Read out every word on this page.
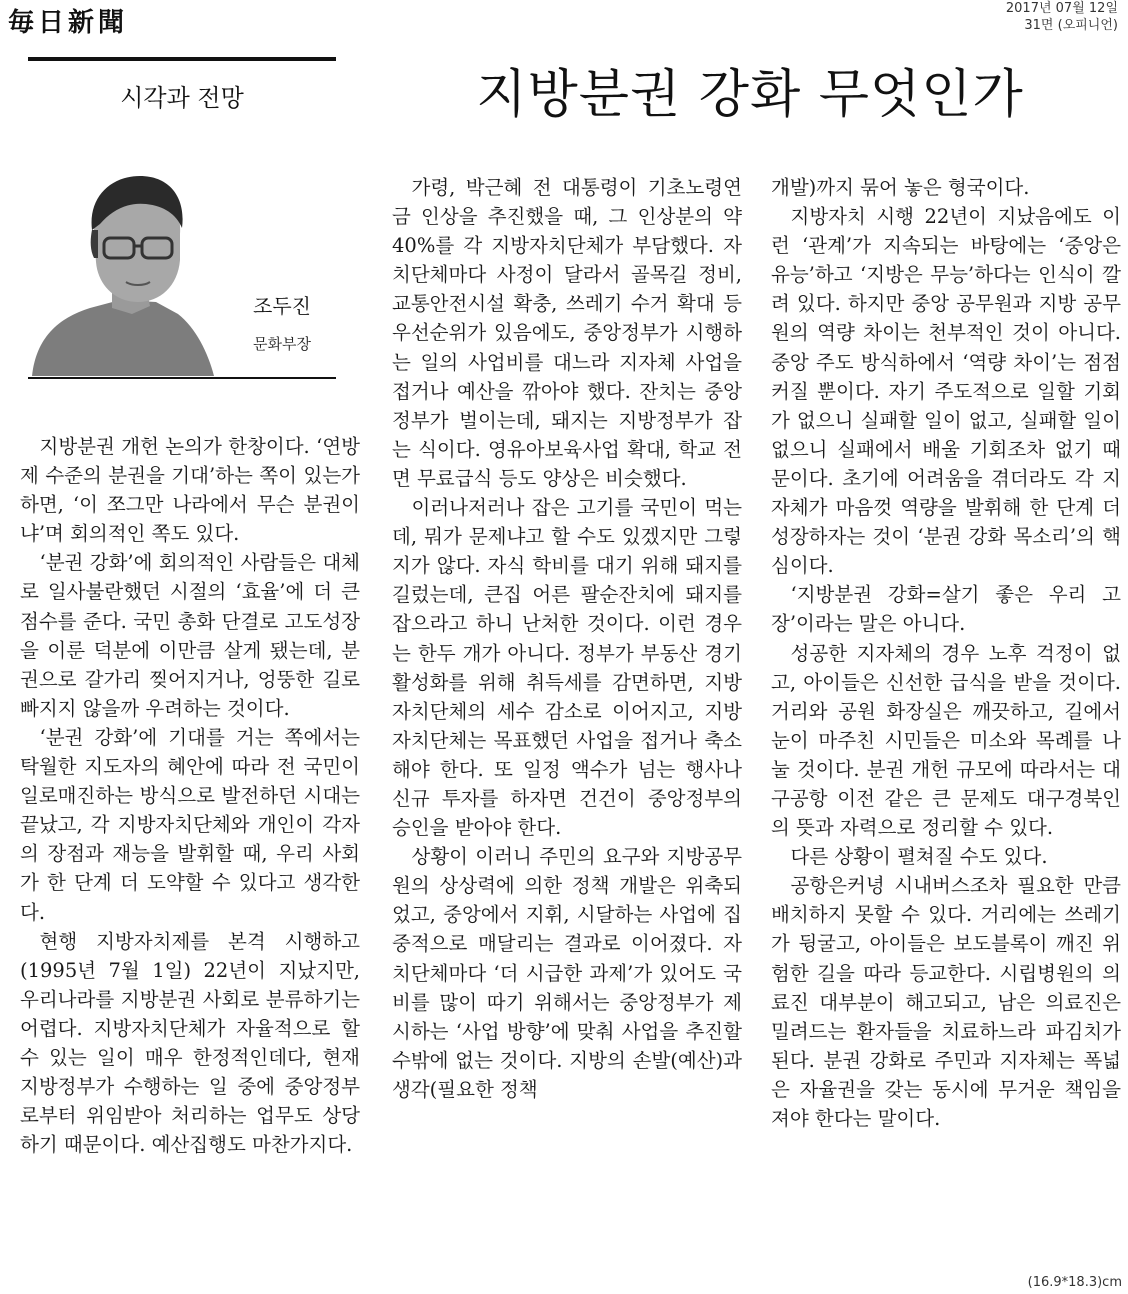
毎日新聞	2017년 07월 12일
31면 (오피니언)
시각과 전망	지방분권 강화 무엇인가
조두진
문화부장

지방분권 개헌 논의가 한창이다. ‘연방제 수준의 분권을 기대’하는 쪽이 있는가 하면, ‘이 쪼그만 나라에서 무슨 분권이냐’며 회의적인 쪽도 있다.

‘분권 강화’에 회의적인 사람들은 대체로 일사불란했던 시절의 ‘효율’에 더 큰 점수를 준다. 국민 총화 단결로 고도성장을 이룬 덕분에 이만큼 살게 됐는데, 분권으로 갈가리 찢어지거나, 엉뚱한 길로 빠지지 않을까 우려하는 것이다.

‘분권 강화’에 기대를 거는 쪽에서는 탁월한 지도자의 혜안에 따라 전 국민이 일로매진하는 방식으로 발전하던 시대는 끝났고, 각 지방자치단체와 개인이 각자의 장점과 재능을 발휘할 때, 우리 사회가 한 단계 더 도약할 수 있다고 생각한다.

현행 지방자치제를 본격 시행하고 (1995년 7월 1일) 22년이 지났지만, 우리나라를 지방분권 사회로 분류하기는 어렵다. 지방자치단체가 자율적으로 할 수 있는 일이 매우 한정적인데다, 현재 지방정부가 수행하는 일 중에 중앙정부로부터 위임받아 처리하는 업무도 상당하기 때문이다. 예산집행도 마찬가지다.

가령, 박근혜 전 대통령이 기초노령연금 인상을 추진했을 때, 그 인상분의 약 40%를 각 지방자치단체가 부담했다. 자치단체마다 사정이 달라서 골목길 정비, 교통안전시설 확충, 쓰레기 수거 확대 등 우선순위가 있음에도, 중앙정부가 시행하는 일의 사업비를 대느라 지자체 사업을 접거나 예산을 깎아야 했다. 잔치는 중앙정부가 벌이는데, 돼지는 지방정부가 잡는 식이다. 영유아보육사업 확대, 학교 전면 무료급식 등도 양상은 비슷했다.

이러나저러나 잡은 고기를 국민이 먹는데, 뭐가 문제냐고 할 수도 있겠지만 그렇지가 않다. 자식 학비를 대기 위해 돼지를 길렀는데, 큰집 어른 팔순잔치에 돼지를 잡으라고 하니 난처한 것이다. 이런 경우는 한두 개가 아니다. 정부가 부동산 경기 활성화를 위해 취득세를 감면하면, 지방자치단체의 세수 감소로 이어지고, 지방자치단체는 목표했던 사업을 접거나 축소해야 한다. 또 일정 액수가 넘는 행사나 신규 투자를 하자면 건건이 중앙정부의 승인을 받아야 한다.

상황이 이러니 주민의 요구와 지방공무원의 상상력에 의한 정책 개발은 위축되었고, 중앙에서 지휘, 시달하는 사업에 집중적으로 매달리는 결과로 이어졌다. 자치단체마다 ‘더 시급한 과제’가 있어도 국비를 많이 따기 위해서는 중앙정부가 제시하는 ‘사업 방향’에 맞춰 사업을 추진할 수밖에 없는 것이다. 지방의 손발(예산)과 생각(필요한 정책

개발)까지 묶어 놓은 형국이다.

지방자치 시행 22년이 지났음에도 이런 ‘관계’가 지속되는 바탕에는 ‘중앙은 유능’하고 ‘지방은 무능’하다는 인식이 깔려 있다. 하지만 중앙 공무원과 지방 공무원의 역량 차이는 천부적인 것이 아니다. 중앙 주도 방식하에서 ‘역량 차이’는 점점 커질 뿐이다. 자기 주도적으로 일할 기회가 없으니 실패할 일이 없고, 실패할 일이 없으니 실패에서 배울 기회조차 없기 때문이다. 초기에 어려움을 겪더라도 각 지자체가 마음껏 역량을 발휘해 한 단계 더 성장하자는 것이 ‘분권 강화 목소리’의 핵심이다.

‘지방분권 강화=살기 좋은 우리 고장’이라는 말은 아니다.

성공한 지자체의 경우 노후 걱정이 없고, 아이들은 신선한 급식을 받을 것이다. 거리와 공원 화장실은 깨끗하고, 길에서 눈이 마주친 시민들은 미소와 목례를 나눌 것이다. 분권 개헌 규모에 따라서는 대구공항 이전 같은 큰 문제도 대구경북인의 뜻과 자력으로 정리할 수 있다.

다른 상황이 펼쳐질 수도 있다.

공항은커녕 시내버스조차 필요한 만큼 배치하지 못할 수 있다. 거리에는 쓰레기가 뒹굴고, 아이들은 보도블록이 깨진 위험한 길을 따라 등교한다. 시립병원의 의료진 대부분이 해고되고, 남은 의료진은 밀려드는 환자들을 치료하느라 파김치가 된다. 분권 강화로 주민과 지자체는 폭넓은 자율권을 갖는 동시에 무거운 책임을 져야 한다는 말이다.

(16.9*18.3)cm
